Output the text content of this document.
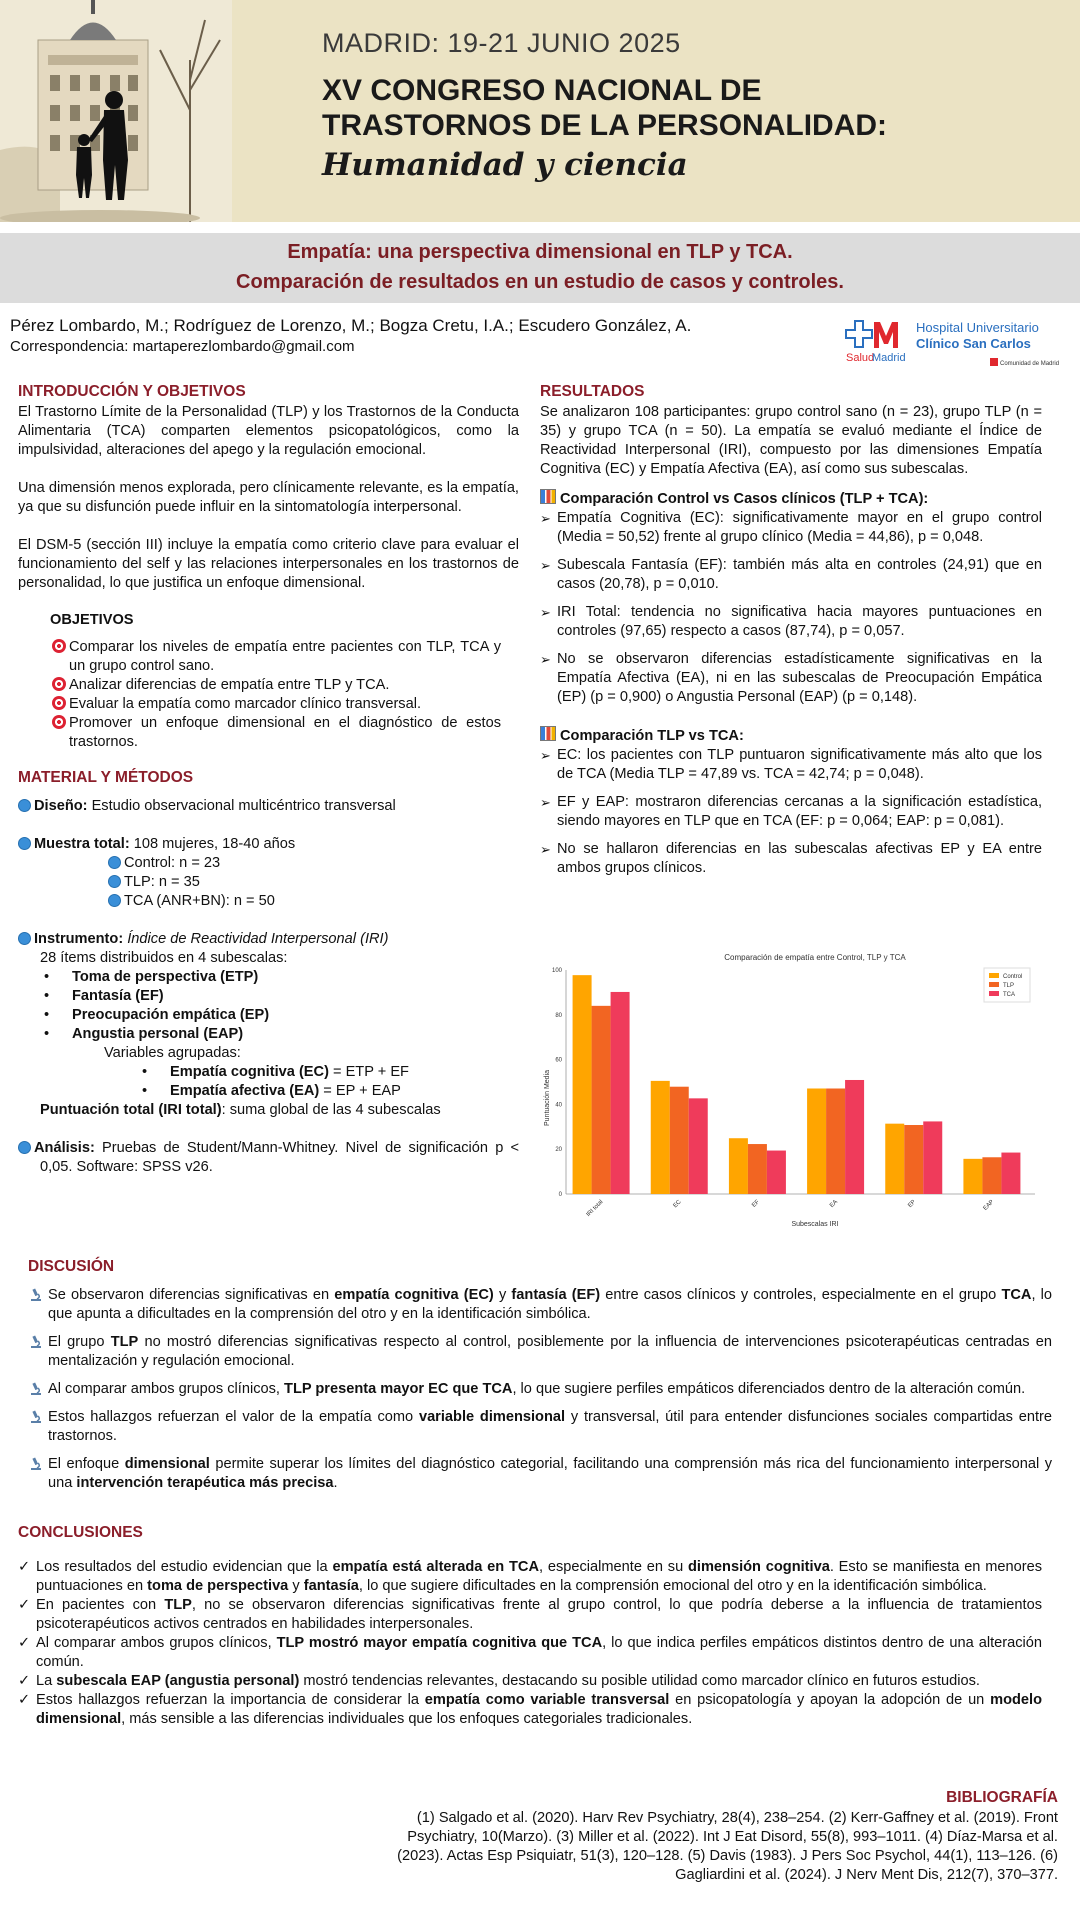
MADRID: 19-21 JUNIO 2025
XV CONGRESO NACIONAL DE
TRASTORNOS DE LA PERSONALIDAD:
Humanidad y ciencia
Empatía: una perspectiva dimensional en TLP y TCA.
Comparación de resultados en un estudio de casos y controles.
Pérez Lombardo, M.; Rodríguez de Lorenzo, M.; Bogza Cretu, I.A.; Escudero González, A.
Correspondencia: martaperezlombardo@gmail.com
Salud
Madrid
Hospital Universitario
Clínico San Carlos
Comunidad de Madrid
INTRODUCCIÓN Y OBJETIVOS

El Trastorno Límite de la Personalidad (TLP) y los Trastornos de la Conducta Alimentaria (TCA) comparten elementos psicopatológicos, como la impulsividad, alteraciones del apego y la regulación emocional.

Una dimensión menos explorada, pero clínicamente relevante, es la empatía, ya que su disfunción puede influir en la sintomatología interpersonal.

El DSM-5 (sección III) incluye la empatía como criterio clave para evaluar el funcionamiento del self y las relaciones interpersonales en los trastornos de personalidad, lo que justifica un enfoque dimensional.

OBJETIVOS
Comparar los niveles de empatía entre pacientes con TLP, TCA y un grupo control sano.
Analizar diferencias de empatía entre TLP y TCA.
Evaluar la empatía como marcador clínico transversal.
Promover un enfoque dimensional en el diagnóstico de estos trastornos.
MATERIAL Y MÉTODOS

Diseño: Estudio observacional multicéntrico transversal

Muestra total: 108 mujeres, 18-40 años

Control: n = 23

TLP: n = 35

TCA (ANR+BN): n = 50

Instrumento: Índice de Reactividad Interpersonal (IRI)

28 ítems distribuidos en 4 subescalas:

• Toma de perspectiva (ETP)
• Fantasía (EF)
• Preocupación empática (EP)
• Angustia personal (EAP)

Variables agrupadas:

• Empatía cognitiva (EC) = ETP + EF
• Empatía afectiva (EA) = EP + EAP

Puntuación total (IRI total): suma global de las 4 subescalas

Análisis: Pruebas de Student/Mann-Whitney. Nivel de significación p < 0,05. Software: SPSS v26.

RESULTADOS

Se analizaron 108 participantes: grupo control sano (n = 23), grupo TLP (n = 35) y grupo TCA (n = 50). La empatía se evaluó mediante el Índice de Reactividad Interpersonal (IRI), compuesto por las dimensiones Empatía Cognitiva (EC) y Empatía Afectiva (EA), así como sus subescalas.

Comparación Control vs Casos clínicos (TLP + TCA):

➢ Empatía Cognitiva (EC): significativamente mayor en el grupo control (Media = 50,52) frente al grupo clínico (Media = 44,86), p = 0,048.
➢ Subescala Fantasía (EF): también más alta en controles (24,91) que en casos (20,78), p = 0,010.
➢ IRI Total: tendencia no significativa hacia mayores puntuaciones en controles (97,65) respecto a casos (87,74), p = 0,057.
➢ No se observaron diferencias estadísticamente significativas en la Empatía Afectiva (EA), ni en las subescalas de Preocupación Empática (EP) (p = 0,900) o Angustia Personal (EAP) (p = 0,148).

Comparación TLP vs TCA:

➢ EC: los pacientes con TLP puntuaron significativamente más alto que los de TCA (Media TLP = 47,89 vs. TCA = 42,74; p = 0,048).
➢ EF y EAP: mostraron diferencias cercanas a la significación estadística, siendo mayores en TLP que en TCA (EF: p = 0,064; EAP: p = 0,081).
➢ No se hallaron diferencias en las subescalas afectivas EP y EA entre ambos grupos clínicos.
Comparación de empatía entre Control, TLP y TCA
Puntuación Media
Subescalas IRI
0
20
40
60
80
100
IRI total	EC	EF	EA	EP	EAP
Control
TLP
TCA
DISCUSIÓN
Se observaron diferencias significativas en empatía cognitiva (EC) y fantasía (EF) entre casos clínicos y controles, especialmente en el grupo TCA, lo que apunta a dificultades en la comprensión del otro y en la identificación simbólica.
El grupo TLP no mostró diferencias significativas respecto al control, posiblemente por la influencia de intervenciones psicoterapéuticas centradas en mentalización y regulación emocional.
Al comparar ambos grupos clínicos, TLP presenta mayor EC que TCA, lo que sugiere perfiles empáticos diferenciados dentro de la alteración común.
Estos hallazgos refuerzan el valor de la empatía como variable dimensional y transversal, útil para entender disfunciones sociales compartidas entre trastornos.
El enfoque dimensional permite superar los límites del diagnóstico categorial, facilitando una comprensión más rica del funcionamiento interpersonal y una intervención terapéutica más precisa.
CONCLUSIONES
✓ Los resultados del estudio evidencian que la empatía está alterada en TCA, especialmente en su dimensión cognitiva. Esto se manifiesta en menores puntuaciones en toma de perspectiva y fantasía, lo que sugiere dificultades en la comprensión emocional del otro y en la identificación simbólica.
✓ En pacientes con TLP, no se observaron diferencias significativas frente al grupo control, lo que podría deberse a la influencia de tratamientos psicoterapéuticos activos centrados en habilidades interpersonales.
✓ Al comparar ambos grupos clínicos, TLP mostró mayor empatía cognitiva que TCA, lo que indica perfiles empáticos distintos dentro de una alteración común.
✓ La subescala EAP (angustia personal) mostró tendencias relevantes, destacando su posible utilidad como marcador clínico en futuros estudios.
✓ Estos hallazgos refuerzan la importancia de considerar la empatía como variable transversal en psicopatología y apoyan la adopción de un modelo dimensional, más sensible a las diferencias individuales que los enfoques categoriales tradicionales.
BIBLIOGRAFÍA
(1) Salgado et al. (2020). Harv Rev Psychiatry, 28(4), 238–254. (2) Kerr-Gaffney et al. (2019). Front Psychiatry, 10(Marzo). (3) Miller et al. (2022). Int J Eat Disord, 55(8), 993–1011. (4) Díaz-Marsa et al. (2023). Actas Esp Psiquiatr, 51(3), 120–128. (5) Davis (1983). J Pers Soc Psychol, 44(1), 113–126. (6) Gagliardini et al. (2024). J Nerv Ment Dis, 212(7), 370–377.
